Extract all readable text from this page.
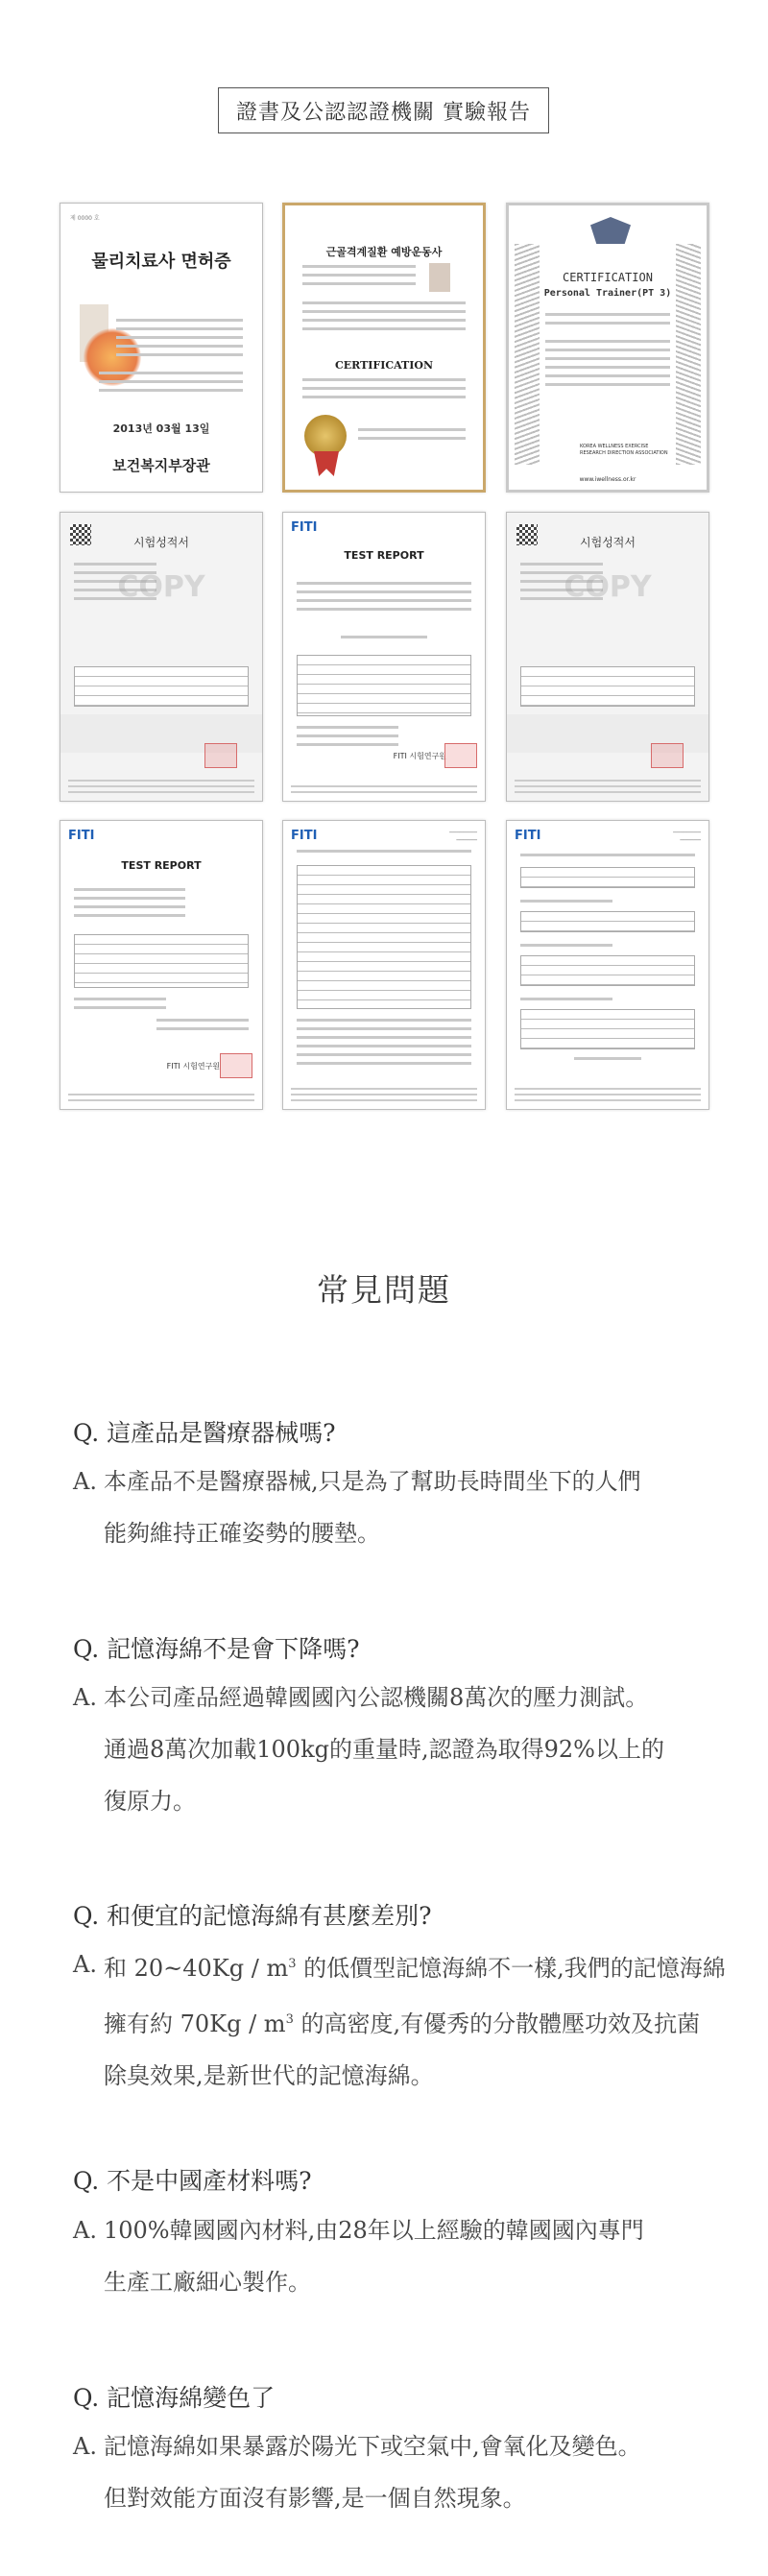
證書及公認認證機關 實驗報告
제 0000 호
물리치료사 면허증
2013년 03월 13일
보건복지부장관
근골격계질환 예방운동사
CERTIFICATION
CERTIFICATION
Personal Trainer(PT 3)
KOREA WELLNESS EXERCISE RESEARCH DIRECTION ASSOCIATION
www.iwellness.or.kr
시험성적서
COPY
FITI
TEST REPORT
FITI 시험연구원
시험성적서
COPY
FITI
TEST REPORT
FITI 시험연구원
FITI	────────
──────	FITI	────────
──────
常見問題
Q. 這產品是醫療器械嗎?
A. 本產品不是醫療器械,只是為了幫助長時間坐下的人們
能夠維持正確姿勢的腰墊。
Q. 記憶海綿不是會下降嗎?
A. 本公司產品經過韓國國內公認機關8萬次的壓力測試。
通過8萬次加載100kg的重量時,認證為取得92%以上的
復原力。
Q. 和便宜的記憶海綿有甚麼差別?
A. 和 20~40Kg / $m^3$ 的低價型記憶海綿不一樣,我們的記憶海綿
擁有約 $70Kg / m^3$ 的高密度,有優秀的分散體壓功效及抗菌
除臭效果,是新世代的記憶海綿。
Q. 不是中國產材料嗎?
A. 100%韓國國內材料,由28年以上經驗的韓國國內專門
生產工廠細心製作。
Q. 記憶海綿變色了
A. 記憶海綿如果暴露於陽光下或空氣中,會氧化及變色。
但對效能方面沒有影響,是一個自然現象。
